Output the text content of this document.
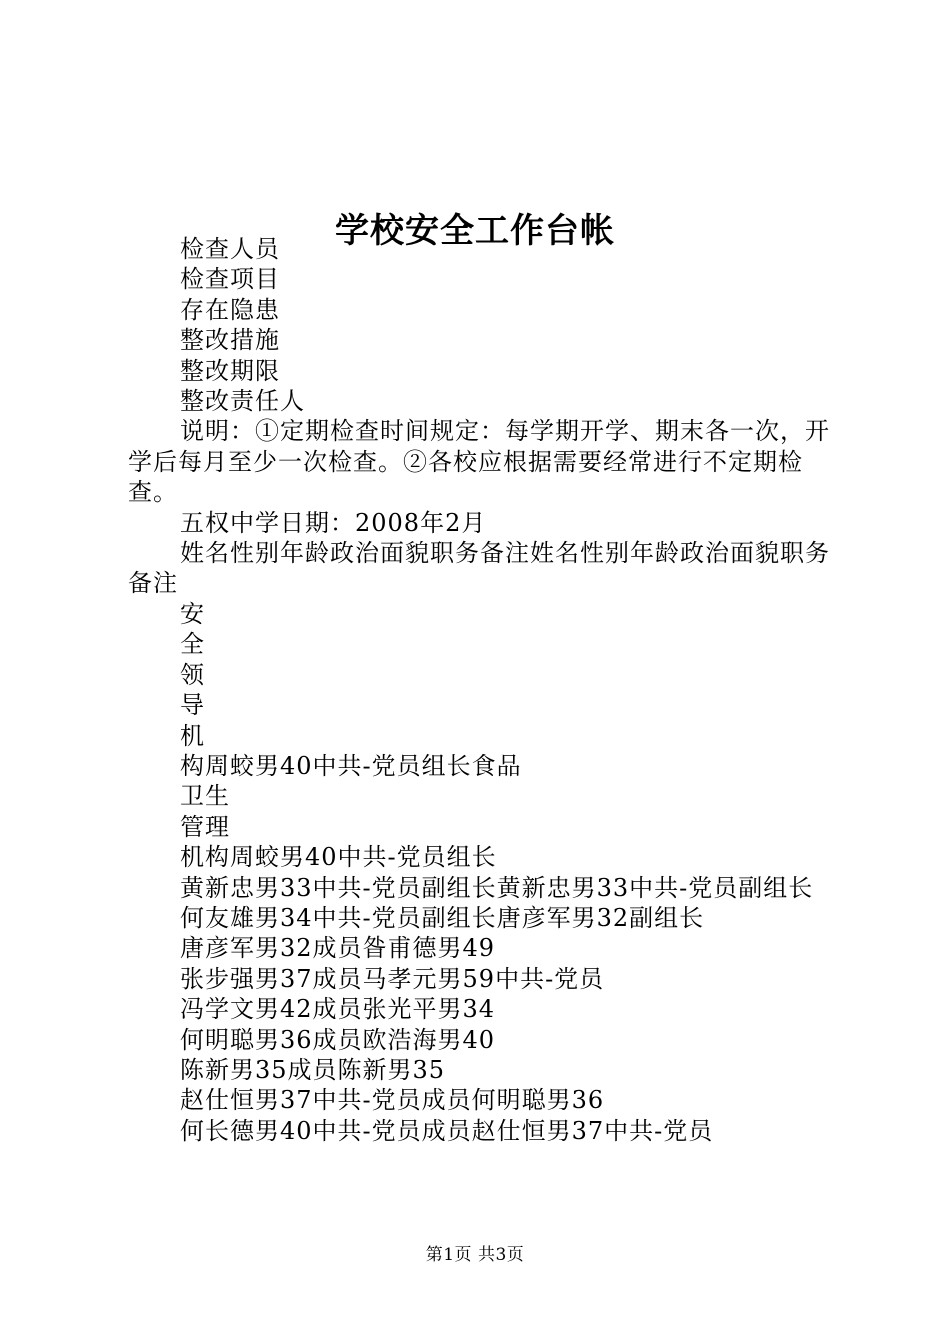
学校安全工作台帐

检查人员

检查项目

存在隐患

整改措施

整改期限

整改责任人

说明：①定期检查时间规定：每学期开学、期末各一次，开学后每月至少一次检查。②各校应根据需要经常进行不定期检查。

五权中学日期：2008年2月

姓名性别年龄政治面貌职务备注姓名性别年龄政治面貌职务备注

安

全

领

导

机

构周蛟男40中共-党员组长食品

卫生

管理

机构周蛟男40中共-党员组长

黄新忠男33中共-党员副组长黄新忠男33中共-党员副组长

何友雄男34中共-党员副组长唐彦军男32副组长

唐彦军男32成员昝甫德男49

张步强男37成员马孝元男59中共-党员

冯学文男42成员张光平男34

何明聪男36成员欧浩海男40

陈新男35成员陈新男35

赵仕恒男37中共-党员成员何明聪男36

何长德男40中共-党员成员赵仕恒男37中共-党员

第1页 共3页
